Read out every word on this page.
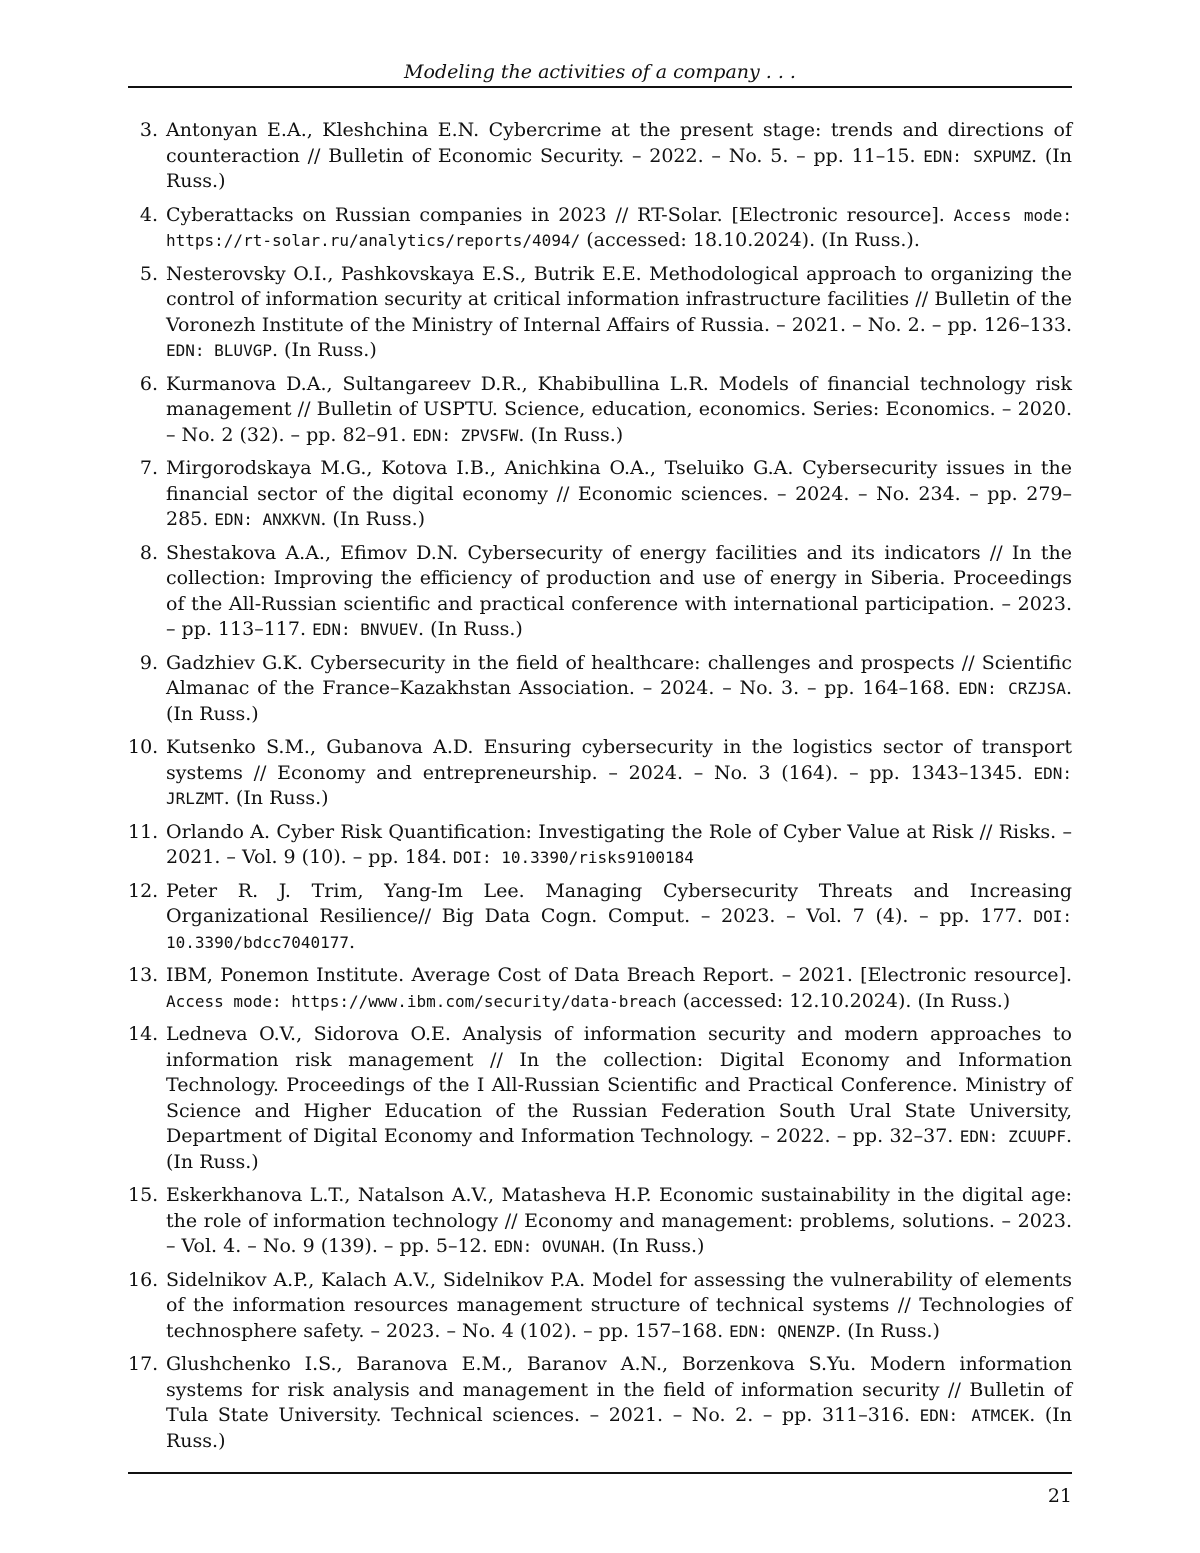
Modeling the activities of a company . . .
3. Antonyan E.A., Kleshchina E.N. Cybercrime at the present stage: trends and directions of counteraction // Bulletin of Economic Security. – 2022. – No. 5. – pp. 11–15. EDN: SXPUMZ. (In Russ.)
4. Cyberattacks on Russian companies in 2023 // RT-Solar. [Electronic resource]. Access mode: https://rt-solar.ru/analytics/reports/4094/ (accessed: 18.10.2024). (In Russ.).
5. Nesterovsky O.I., Pashkovskaya E.S., Butrik E.E. Methodological approach to organizing the control of information security at critical information infrastructure facilities // Bulletin of the Voronezh Institute of the Ministry of Internal Affairs of Russia. – 2021. – No. 2. – pp. 126–133. EDN: BLUVGP. (In Russ.)
6. Kurmanova D.A., Sultangareev D.R., Khabibullina L.R. Models of financial technology risk management // Bulletin of USPTU. Science, education, economics. Series: Economics. – 2020. – No. 2 (32). – pp. 82–91. EDN: ZPVSFW. (In Russ.)
7. Mirgorodskaya M.G., Kotova I.B., Anichkina O.A., Tseluiko G.A. Cybersecurity issues in the financial sector of the digital economy // Economic sciences. – 2024. – No. 234. – pp. 279–285. EDN: ANXKVN. (In Russ.)
8. Shestakova A.A., Efimov D.N. Cybersecurity of energy facilities and its indicators // In the collection: Improving the efficiency of production and use of energy in Siberia. Proceedings of the All-Russian scientific and practical conference with international participation. – 2023. – pp. 113–117. EDN: BNVUEV. (In Russ.)
9. Gadzhiev G.K. Cybersecurity in the field of healthcare: challenges and prospects // Scientific Almanac of the France–Kazakhstan Association. – 2024. – No. 3. – pp. 164–168. EDN: CRZJSA. (In Russ.)
10. Kutsenko S.M., Gubanova A.D. Ensuring cybersecurity in the logistics sector of transport systems // Economy and entrepreneurship. – 2024. – No. 3 (164). – pp. 1343–1345. EDN: JRLZMT. (In Russ.)
11. Orlando A. Cyber Risk Quantification: Investigating the Role of Cyber Value at Risk // Risks. – 2021. – Vol. 9 (10). – pp. 184. DOI: 10.3390/risks9100184
12. Peter R. J. Trim, Yang-Im Lee. Managing Cybersecurity Threats and Increasing Organizational Resilience// Big Data Cogn. Comput. – 2023. – Vol. 7 (4). – pp. 177. DOI: 10.3390/bdcc7040177.
13. IBM, Ponemon Institute. Average Cost of Data Breach Report. – 2021. [Electronic resource]. Access mode: https://www.ibm.com/security/data-breach (accessed: 12.10.2024). (In Russ.)
14. Ledneva O.V., Sidorova O.E. Analysis of information security and modern approaches to information risk management // In the collection: Digital Economy and Information Technology. Proceedings of the I All-Russian Scientific and Practical Conference. Ministry of Science and Higher Education of the Russian Federation South Ural State University, Department of Digital Economy and Information Technology. – 2022. – pp. 32–37. EDN: ZCUUPF. (In Russ.)
15. Eskerkhanova L.T., Natalson A.V., Matasheva H.P. Economic sustainability in the digital age: the role of information technology // Economy and management: problems, solutions. – 2023. – Vol. 4. – No. 9 (139). – pp. 5–12. EDN: OVUNAH. (In Russ.)
16. Sidelnikov A.P., Kalach A.V., Sidelnikov P.A. Model for assessing the vulnerability of elements of the information resources management structure of technical systems // Technologies of technosphere safety. – 2023. – No. 4 (102). – pp. 157–168. EDN: QNENZP. (In Russ.)
17. Glushchenko I.S., Baranova E.M., Baranov A.N., Borzenkova S.Yu. Modern information systems for risk analysis and management in the field of information security // Bulletin of Tula State University. Technical sciences. – 2021. – No. 2. – pp. 311–316. EDN: ATMCEK. (In Russ.)
21
